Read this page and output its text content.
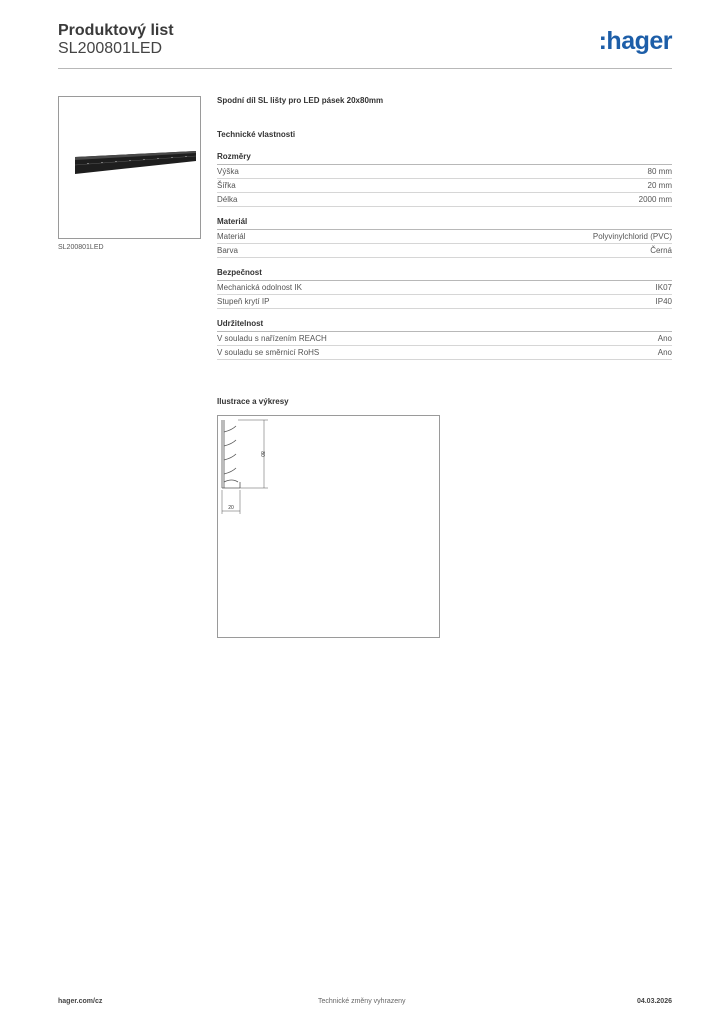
Produktový list
SL200801LED	:hager
SL200801LED
Spodní díl SL lišty pro LED pásek 20x80mm
Technické vlastnosti
Rozměry
Výška	80 mm
Šířka	20 mm
Délka	2000 mm
Materiál
Materiál	Polyvinylchlorid (PVC)
Barva	Černá
Bezpečnost
Mechanická odolnost IK	IK07
Stupeň krytí IP	IP40
Udržitelnost
V souladu s nařízením REACH	Ano
V souladu se směrnicí RoHS	Ano
Ilustrace a výkresy
80
20
hager.com/cz	Technické změny vyhrazeny	04.03.2026
